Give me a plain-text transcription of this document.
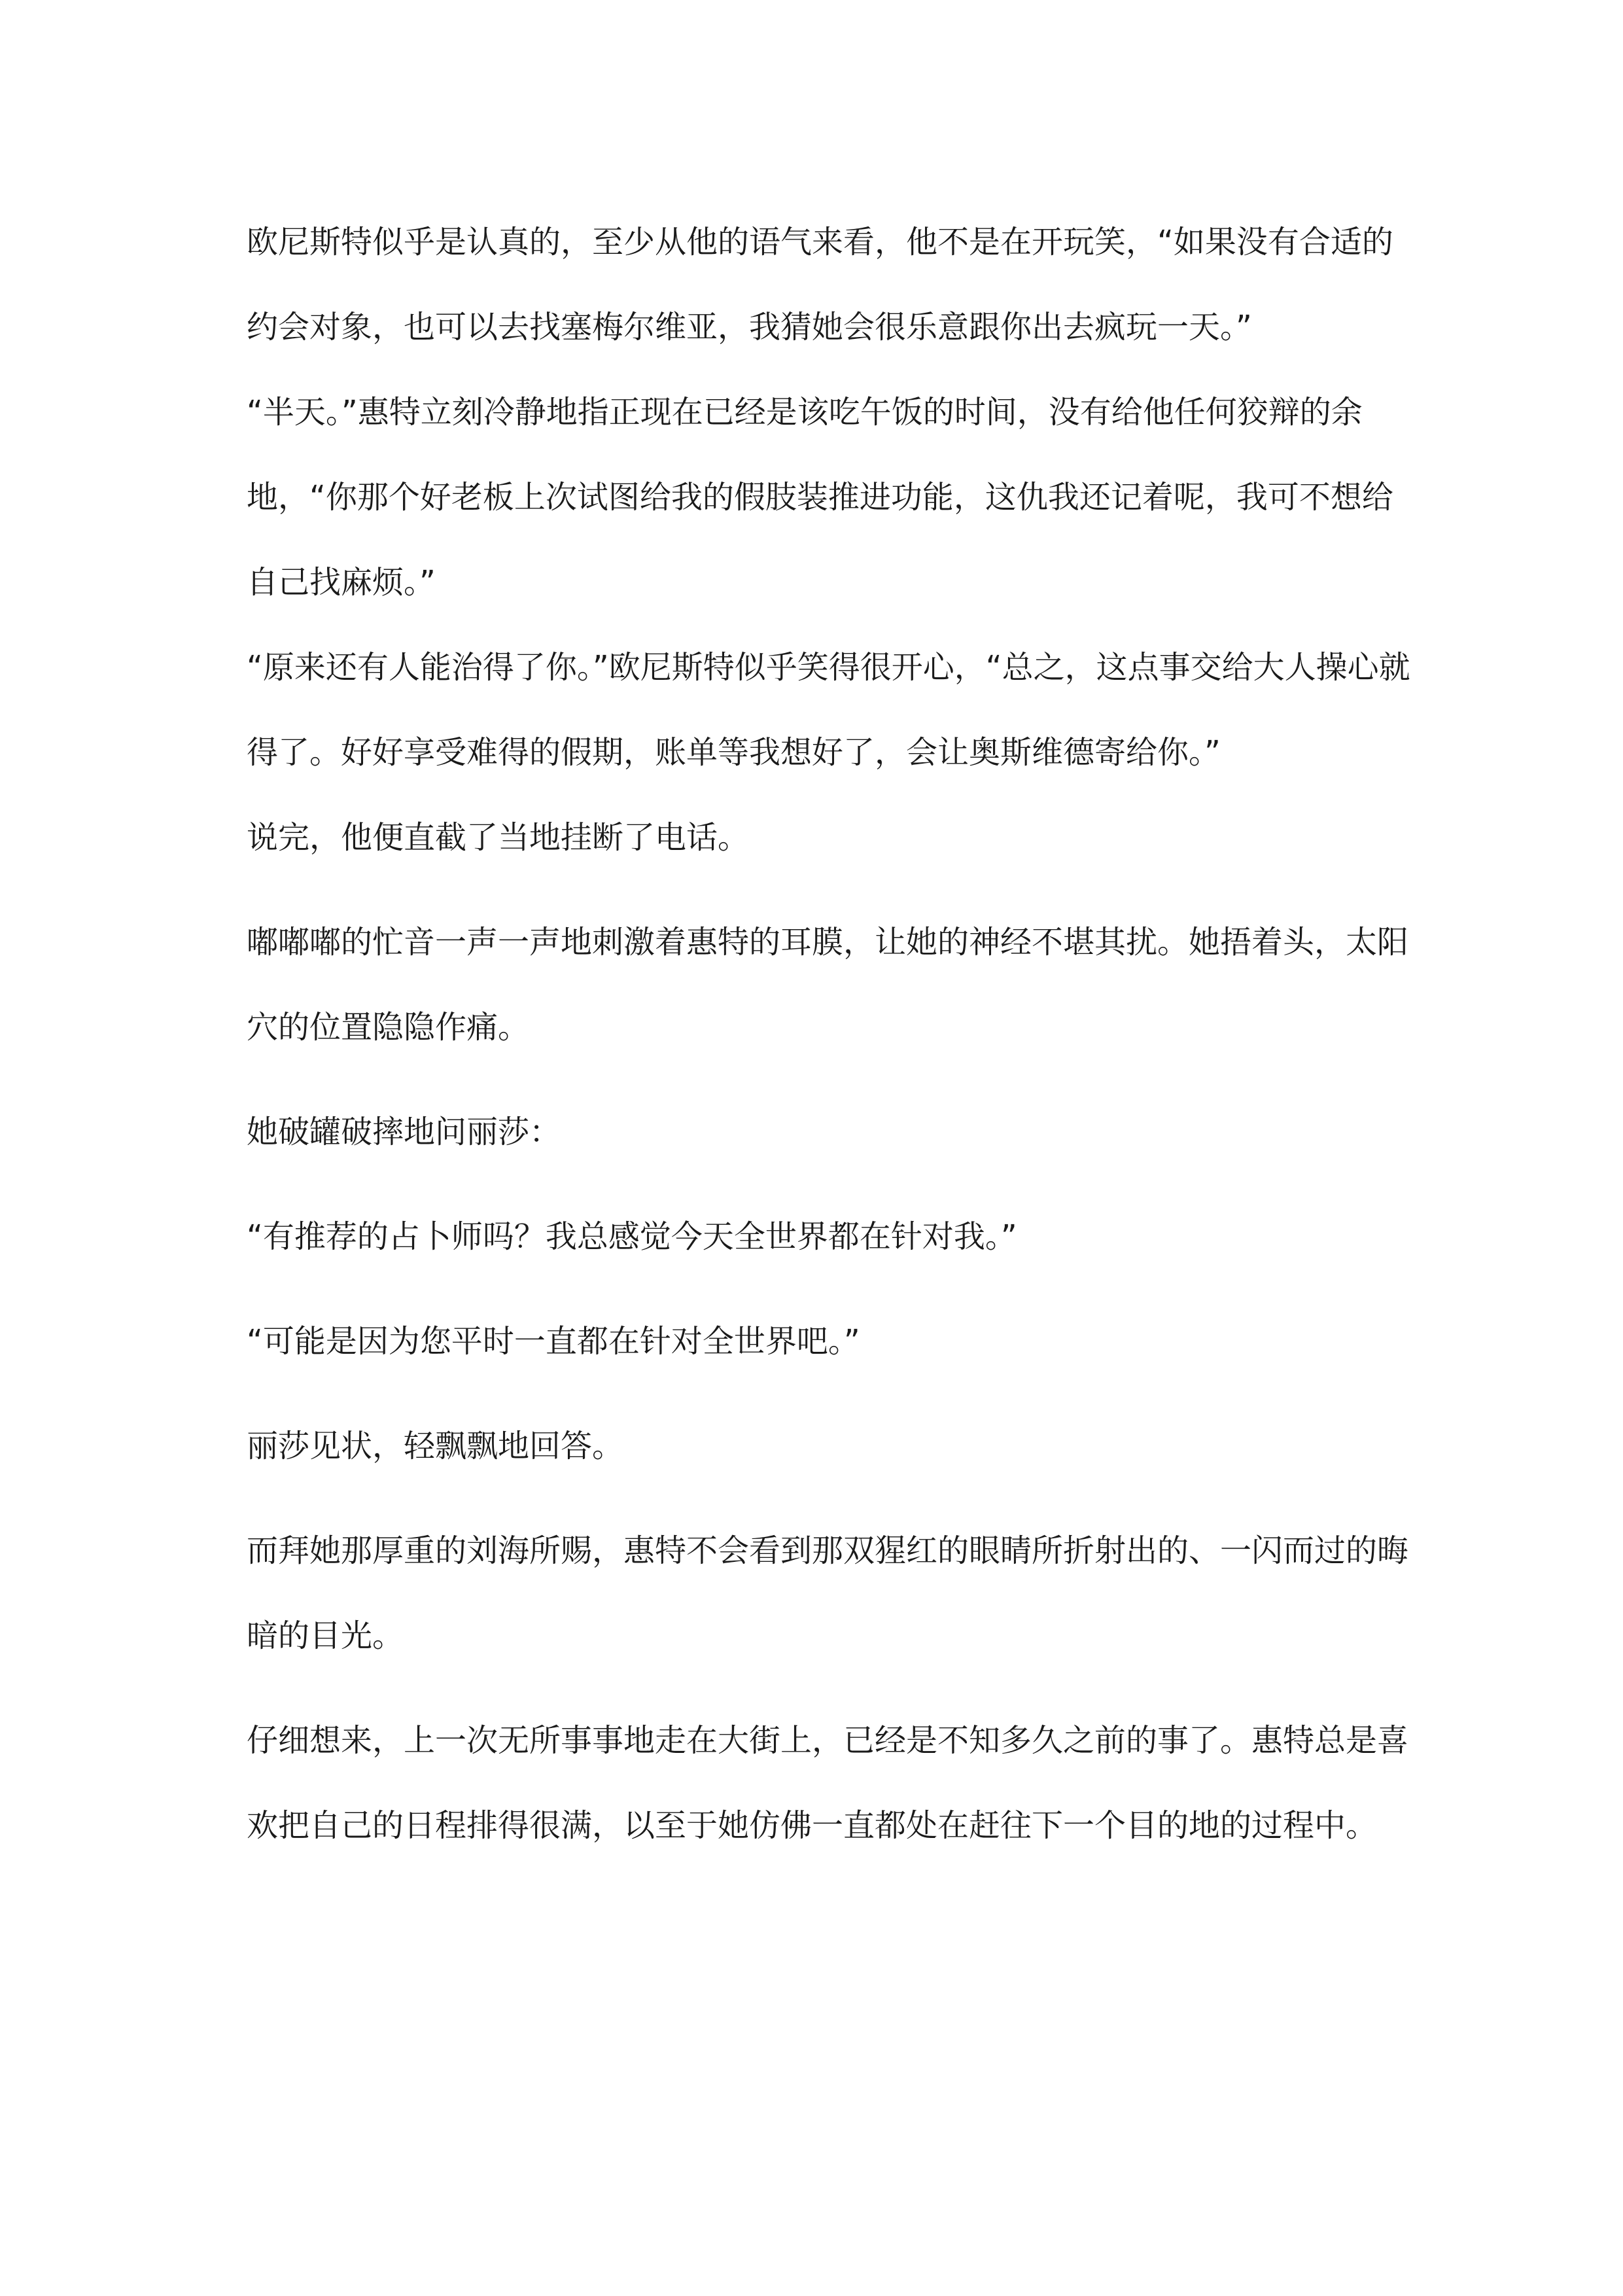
欧尼斯特似乎是认真的，至少从他的语气来看，他不是在开玩笑，“如果没有合适的约会对象，也可以去找塞梅尔维亚，我猜她会很乐意跟你出去疯玩一天。”

“半天。”惠特立刻冷静地指正现在已经是该吃午饭的时间，没有给他任何狡辩的余地，“你那个好老板上次试图给我的假肢装推进功能，这仇我还记着呢，我可不想给自己找麻烦。”

“原来还有人能治得了你。”欧尼斯特似乎笑得很开心，“总之，这点事交给大人操心就得了。好好享受难得的假期，账单等我想好了，会让奥斯维德寄给你。”

说完，他便直截了当地挂断了电话。

嘟嘟嘟的忙音一声一声地刺激着惠特的耳膜，让她的神经不堪其扰。她捂着头，太阳穴的位置隐隐作痛。

她破罐破摔地问丽莎：

“有推荐的占卜师吗？我总感觉今天全世界都在针对我。”

“可能是因为您平时一直都在针对全世界吧。”

丽莎见状，轻飘飘地回答。

而拜她那厚重的刘海所赐，惠特不会看到那双猩红的眼睛所折射出的、一闪而过的晦暗的目光。

仔细想来，上一次无所事事地走在大街上，已经是不知多久之前的事了。惠特总是喜欢把自己的日程排得很满，以至于她仿佛一直都处在赶往下一个目的地的过程中。
